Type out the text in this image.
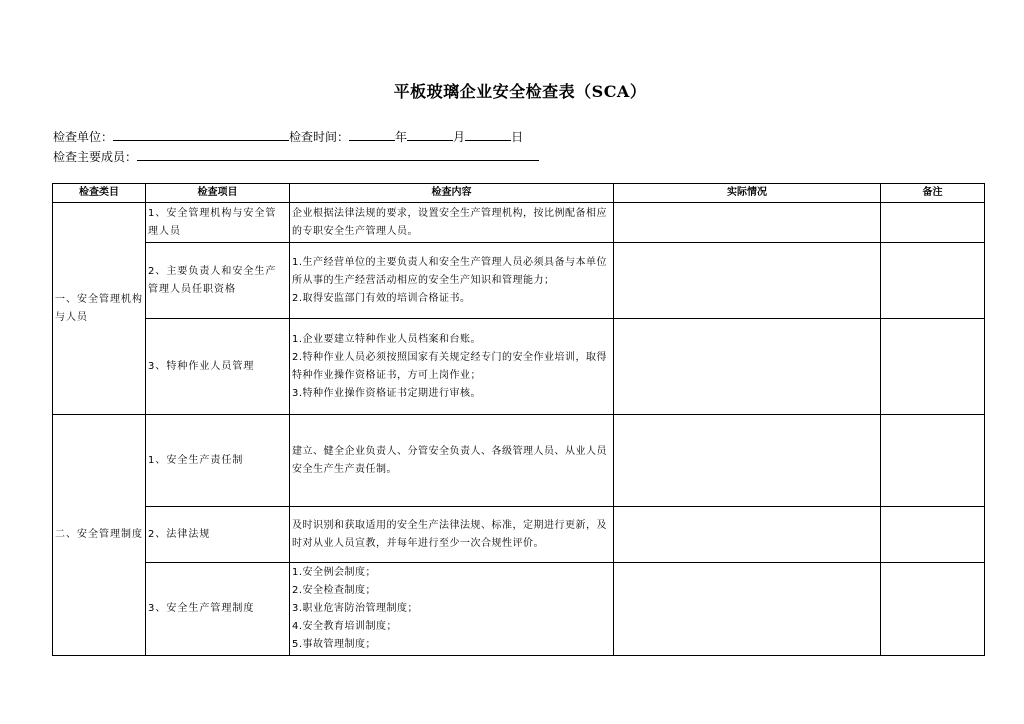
平板玻璃企业安全检查表（SCA）
检查单位：	检查时间：	年	月	日
检查主要成员：
检查类目	检查项目	检查内容	实际情况	备注
一、安全管理机构与人员	1、安全管理机构与安全管理人员	企业根据法律法规的要求，设置安全生产管理机构，按比例配备相应的专职安全生产管理人员。		

	2、主要负责人和安全生产管理人员任职资格	1.生产经营单位的主要负责人和安全生产管理人员必须具备与本单位所从事的生产经营活动相应的安全生产知识和管理能力；
2.取得安监部门有效的培训合格证书。		

	3、特种作业人员管理	1.企业要建立特种作业人员档案和台账。
2.特种作业人员必须按照国家有关规定经专门的安全作业培训，取得特种作业操作资格证书，方可上岗作业；
3.特种作业操作资格证书定期进行审核。		

二、安全管理制度	1、安全生产责任制	建立、健全企业负责人、分管安全负责人、各级管理人员、从业人员安全生产生产责任制。		

	2、法律法规	及时识别和获取适用的安全生产法律法规、标准，定期进行更新，及时对从业人员宣教，并每年进行至少一次合规性评价。		

	3、安全生产管理制度	1.安全例会制度；
2.安全检查制度；
3.职业危害防治管理制度；
4.安全教育培训制度；
5.事故管理制度；		
